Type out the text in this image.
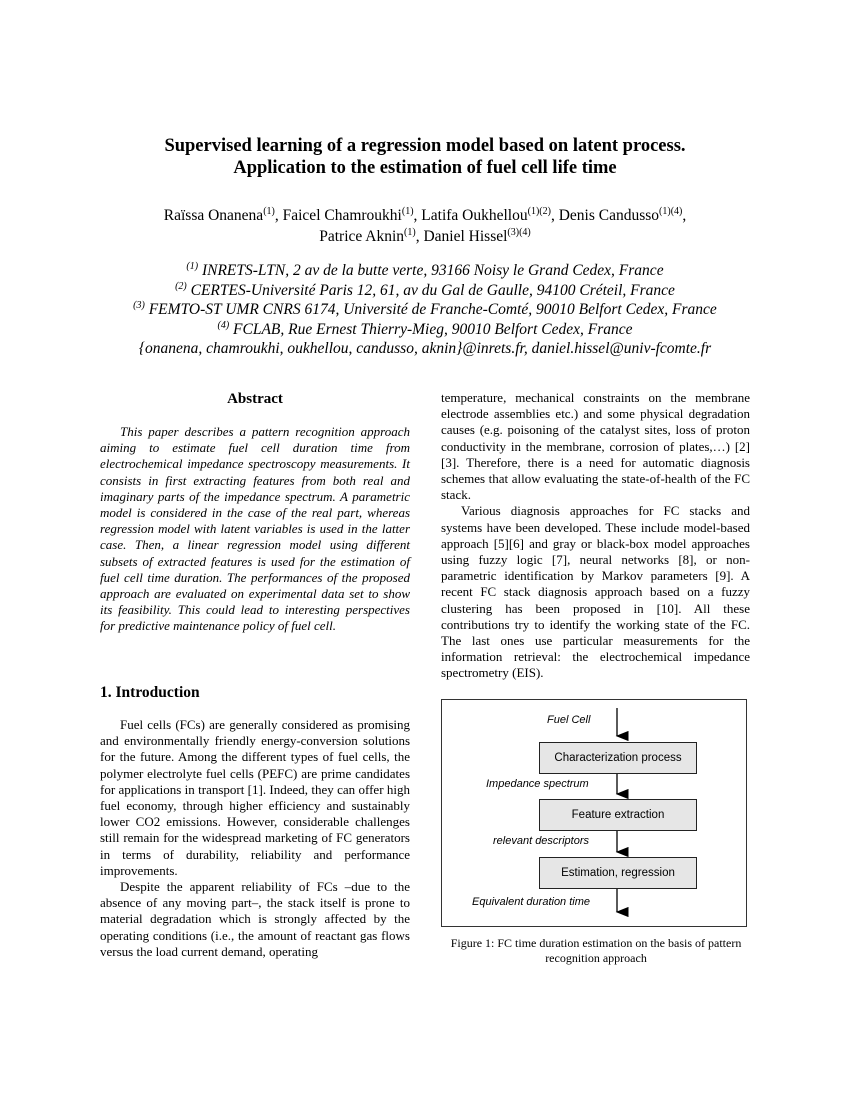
Supervised learning of a regression model based on latent process.
Application to the estimation of fuel cell life time
Raïssa Onanena$^{(1)}$, Faicel Chamroukhi$^{(1)}$, Latifa Oukhellou$^{(1)(2)}$, Denis Candusso$^{(1)(4)}$,
Patrice Aknin$^{(1)}$, Daniel Hissel$^{(3)(4)}$
$^{(1)}$ INRETS-LTN, 2 av de la butte verte, 93166 Noisy le Grand Cedex, France
$^{(2)}$ CERTES-Université Paris 12, 61, av du Gal de Gaulle, 94100 Créteil, France
$^{(3)}$ FEMTO-ST UMR CNRS 6174, Université de Franche-Comté, 90010 Belfort Cedex, France
$^{(4)}$ FCLAB, Rue Ernest Thierry-Mieg, 90010 Belfort Cedex, France
{onanena, chamroukhi, oukhellou, candusso, aknin}@inrets.fr, daniel.hissel@univ-fcomte.fr
Abstract
This paper describes a pattern recognition approach aiming to estimate fuel cell duration time from electrochemical impedance spectroscopy measurements. It consists in first extracting features from both real and imaginary parts of the impedance spectrum. A parametric model is considered in the case of the real part, whereas regression model with latent variables is used in the latter case. Then, a linear regression model using different subsets of extracted features is used for the estimation of fuel cell time duration. The performances of the proposed approach are evaluated on experimental data set to show its feasibility. This could lead to interesting perspectives for predictive maintenance policy of fuel cell.
1. Introduction

Fuel cells (FCs) are generally considered as promising and environmentally friendly energy-conversion solutions for the future. Among the different types of fuel cells, the polymer electrolyte fuel cells (PEFC) are prime candidates for applications in transport [1]. Indeed, they can offer high fuel economy, through higher efficiency and sustainably lower CO2 emissions. However, considerable challenges still remain for the widespread marketing of FC generators in terms of durability, reliability and performance improvements.

Despite the apparent reliability of FCs –due to the absence of any moving part–, the stack itself is prone to material degradation which is strongly affected by the operating conditions (i.e., the amount of reactant gas flows versus the load current demand, operating

temperature, mechanical constraints on the membrane electrode assemblies etc.) and some physical degradation causes (e.g. poisoning of the catalyst sites, loss of proton conductivity in the membrane, corrosion of plates,…) [2][3]. Therefore, there is a need for automatic diagnosis schemes that allow evaluating the state-of-health of the FC stack.

Various diagnosis approaches for FC stacks and systems have been developed. These include model-based approach [5][6] and gray or black-box model approaches using fuzzy logic [7], neural networks [8], or non-parametric identification by Markov parameters [9]. A recent FC stack diagnosis approach based on a fuzzy clustering has been proposed in [10]. All these contributions try to identify the working state of the FC. The last ones use particular measurements for the information retrieval: the electrochemical impedance spectrometry (EIS).

Fuel Cell
Characterization process
Impedance spectrum
Feature extraction
relevant descriptors
Estimation, regression
Equivalent duration time
Figure 1: FC time duration estimation on the basis of pattern
recognition approach
